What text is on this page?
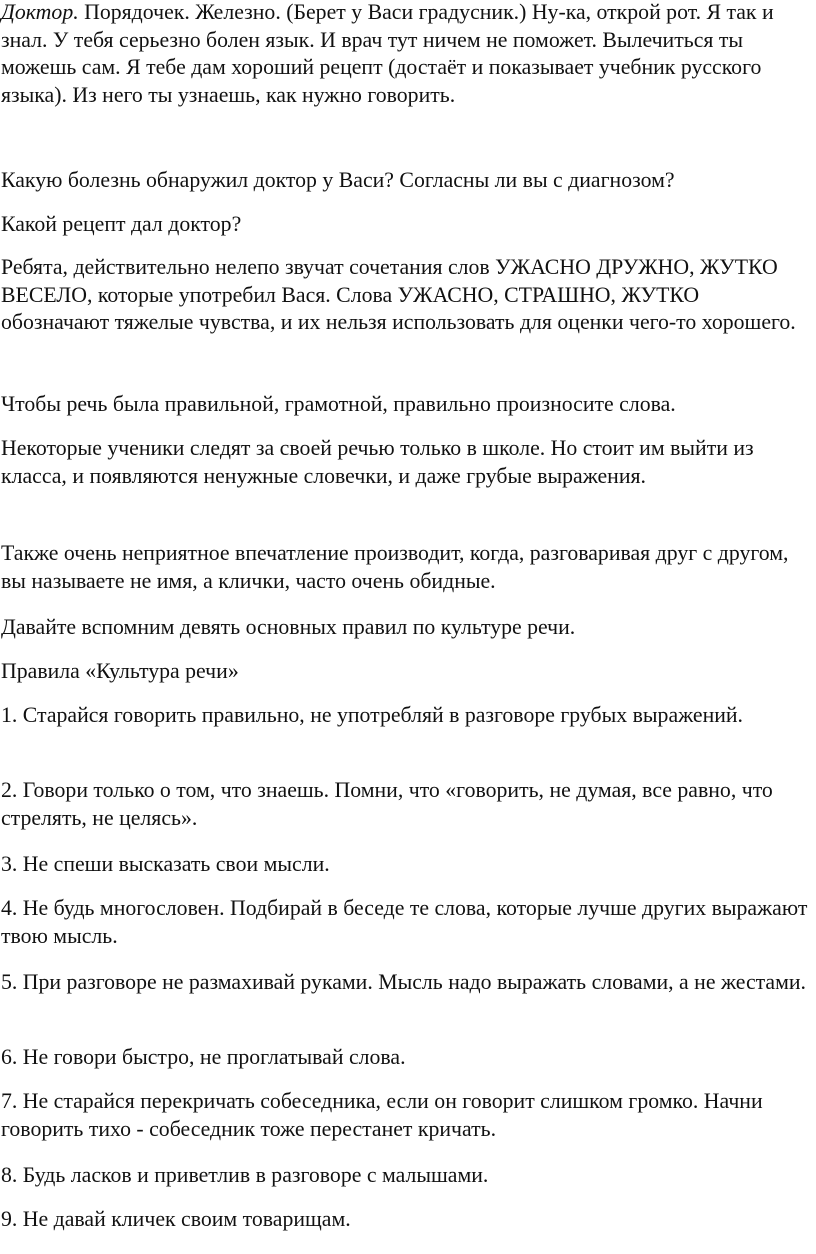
Доктор. Порядочек. Железно. (Берет у Васи градусник.) Ну-ка, открой рот. Я так и знал. У тебя серьезно болен язык. И врач тут ничем не поможет. Вылечиться ты можешь сам. Я тебе дам хороший рецепт (достаёт и показывает учебник русского языка). Из него ты узнаешь, как нужно говорить.

Какую болезнь обнаружил доктор у Васи? Согласны ли вы с диагнозом?

Какой рецепт дал доктор?

Ребята, действительно нелепо звучат сочетания слов УЖАСНО ДРУЖНО, ЖУТКО ВЕСЕЛО, которые употребил Вася. Слова УЖАСНО, СТРАШНО, ЖУТКО обозначают тяжелые чувства, и их нельзя использовать для оценки чего-то хорошего.

Чтобы речь была правильной, грамотной, правильно произносите слова.

Некоторые ученики следят за своей речью только в школе. Но стоит им выйти из класса, и появляются ненужные словечки, и даже грубые выражения.

Также очень неприятное впечатление производит, когда, разговаривая друг с другом, вы называете не имя, а клички, часто очень обидные.

Давайте вспомним девять основных правил по культуре речи.

Правила «Культура речи»

1. Старайся говорить правильно, не употребляй в разговоре грубых выражений.

2. Говори только о том, что знаешь. Помни, что «говорить, не думая, все равно, что стрелять, не целясь».

3. Не спеши высказать свои мысли.

4. Не будь многословен. Подбирай в беседе те слова, которые лучше других выражают твою мысль.

5. При разговоре не размахивай руками. Мысль надо выражать словами, а не жестами.

6. Не говори быстро, не проглатывай слова.

7. Не старайся перекричать собеседника, если он говорит слишком громко. Начни говорить тихо - собеседник тоже перестанет кричать.

8. Будь ласков и приветлив в разговоре с малышами.

9. Не давай кличек своим товарищам.
